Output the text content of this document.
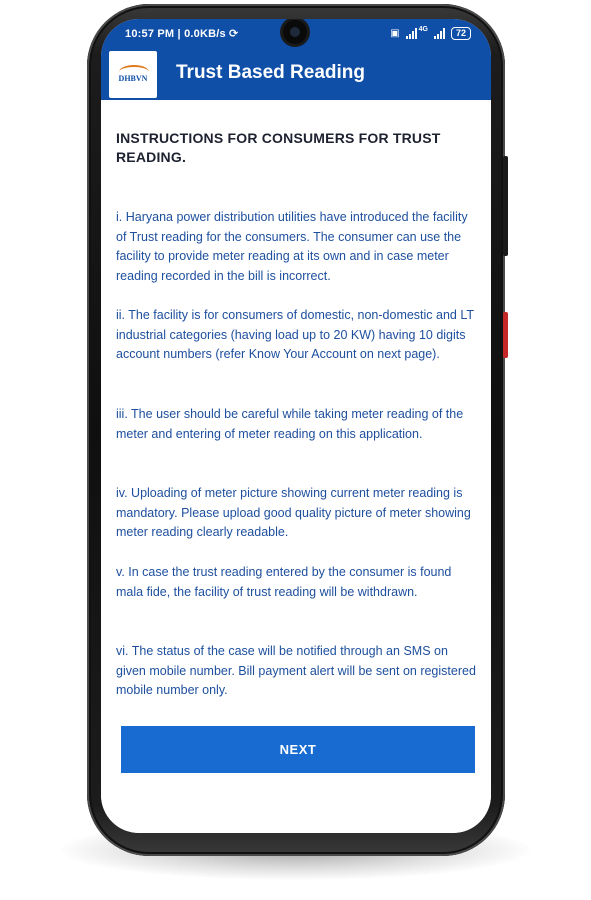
10:57 PM | 0.0KB/s ⟳	▣	4G	72
DHBVN Trust Based Reading
INSTRUCTIONS FOR CONSUMERS FOR TRUST READING.
i. Haryana power distribution utilities have introduced the facility of Trust reading for the consumers. The consumer can use the facility to provide meter reading at its own and in case meter reading recorded in the bill is incorrect.
ii. The facility is for consumers of domestic, non-domestic and LT industrial categories (having load up to 20 KW) having 10 digits account numbers (refer Know Your Account on next page).
iii. The user should be careful while taking meter reading of the meter and entering of meter reading on this application.
iv. Uploading of meter picture showing current meter reading is mandatory. Please upload good quality picture of meter showing meter reading clearly readable.
v. In case the trust reading entered by the consumer is found mala fide, the facility of trust reading will be withdrawn.
vi. The status of the case will be notified through an SMS on given mobile number. Bill payment alert will be sent on registered mobile number only.
NEXT
